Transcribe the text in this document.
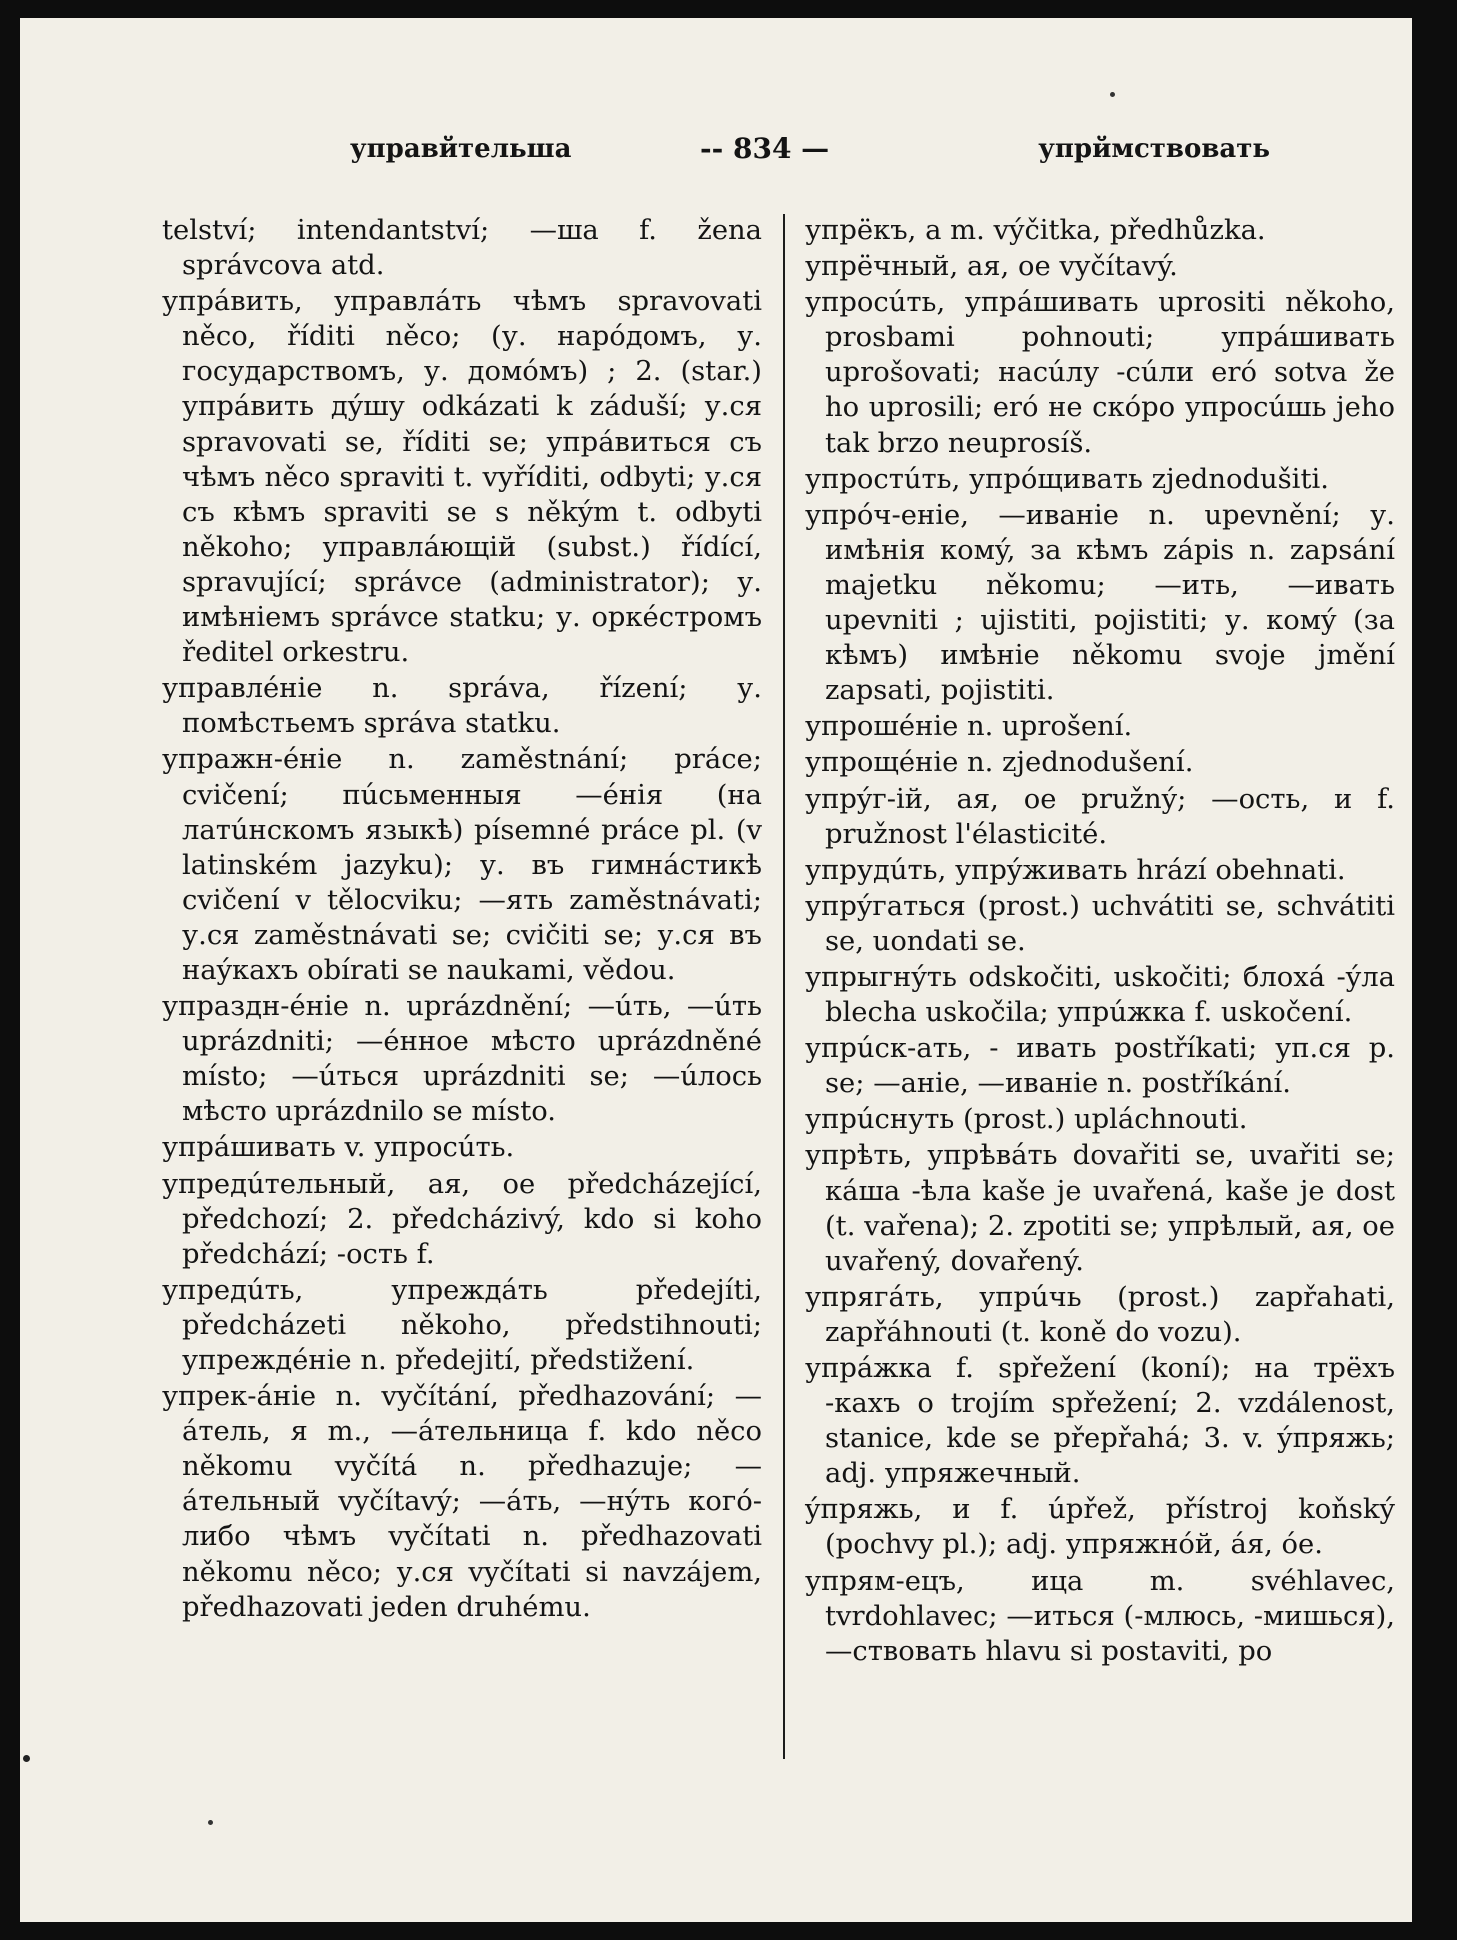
управйтельша	-- 834 —	упрймствовать

telství; intendantství; —ша f. žena správcova atd.

упрáвить, управлáть чѣмъ spravovati něco, říditi něco; (у. нарóдомъ, у. государствомъ, у. домóмъ) ; 2. (star.) упрáвить дýшу odkázati k záduší; у.ся spravovati se, říditi se; упрáвиться съ чѣмъ něco spraviti t. vyříditi, odbyti; у.ся съ кѣмъ spraviti se s někým t. odbyti někoho; управлáющій (subst.) řídící, spravující; správce (administrator); у. имѣніемъ správce statku; у. оркéстромъ ředitel orkestru.

управлéніе n. správa, řízení; у. помѣстьемъ správa statku.

упражн-éніе n. zaměstnání; práce; cvičení; пúсьменныя —éнія (на латúнскомъ языкѣ) písemné práce pl. (v latinském jazyku); у. въ гимнáстикѣ cvičení v tělocviku; —ять zaměstnávati; у.ся zaměstnávati se; cvičiti se; у.ся въ наýкахъ obírati se naukami, vědou.

упраздн-éніе n. uprázdnění; —úть, —úть uprázdniti; —éнное мѣсто uprázdněné místo; —úться uprázdniti se; —úлось мѣсто uprázdnilo se místo.

упрáшивать v. упросúть.

упредúтельный, ая, ое předcházející, předchozí; 2. předcházivý, kdo si koho předchází; -ость f.

упредúть, упреждáть předejíti, předcházeti někoho, předstihnouti; упреждéніе n. předejití, předstižení.

упрек-áніе n. vyčítání, předhazování; —áтель, я m., —áтельница f. kdo něco někomu vyčítá n. předhazuje; —áтельный vyčítavý; —áть, —нýть когó-либо чѣмъ vyčítati n. předhazovati někomu něco; у.ся vyčítati si navzájem, předhazovati jeden druhému.

упрёкъ, а m. výčitka, předhůzka.

упрёчный, ая, ое vyčítavý.

упросúть, упрáшивать uprositi někoho, prosbami pohnouti; упрáшивать uprošovati; насúлу -сúли eró sotva že ho uprosili; eró не скóро упросúшь jeho tak brzo neuprosíš.

упростúть, упрóщивать zjednodušiti.

упрóч-еніе, —иваніе n. upevnění; у. имѣнія комý, за кѣмъ zápis n. zapsání majetku někomu; —ить, —ивать upevniti ; ujistiti, pojistiti; у. комý (за кѣмъ) имѣніе někomu svoje jmění zapsati, pojistiti.

упрошéніе n. uprošení.

упрощéніе n. zjednodušení.

упрýг-ій, ая, ое pružný; —ость, и f. pružnost l'élasticité.

упрудúть, упрýживать hrází obehnati.

упрýгаться (prost.) uchvátiti se, schvátiti se, uondati se.

упрыгнýть odskočiti, uskočiti; блохá -ýла blecha uskočila; упрúжка f. uskočení.

упрúск-ать, - ивать postříkati; уп.ся p. se; —аніе, —иваніе n. postříkání.

упрúснуть (prost.) upláchnouti.

упрѣть, упрѣвáть dovařiti se, uvařiti se; кáша -ѣла kaše je uvařená, kaše je dost (t. vařena); 2. zpotiti se; упрѣлый, ая, ое uvařený, dovařený.

упрягáть, упрúчь (prost.) zapřahati, zapřáhnouti (t. koně do vozu).

упрáжка f. spřežení (koní); на трёхъ -кахъ o trojím spřežení; 2. vzdálenost, stanice, kde se přepřahá; 3. v. ýпряжь; adj. упряжечный.

ýпряжь, и f. úpřež, přístroj koňský (pochvy pl.); adj. упряжнóй, áя, óе.

упрям-ецъ, ица m. svéhlavec, tvrdohlavec; —иться (-млюсь, -мишься), —ствовать hlavu si postaviti, po
